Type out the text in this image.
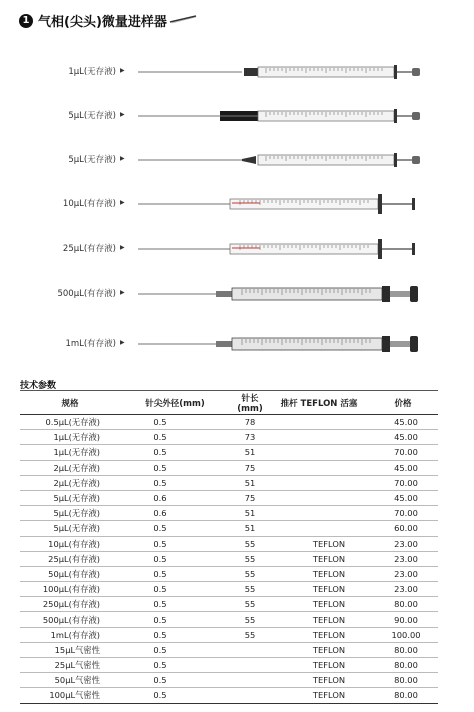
1 气相(尖头)微量进样器
1μL(无存液) ▶
5μL(无存液) ▶
5μL(无存液) ▶
10μL(有存液) ▶
25μL(有存液) ▶
500μL(有存液) ▶
1mL(有存液) ▶
技术参数
规格	针尖外径(mm)	针长(mm)	推杆 TEFLON 活塞	价格
0.5μL(无存液)	0.5	78		45.00
1μL(无存液)	0.5	73		45.00
1μL(无存液)	0.5	51		70.00
2μL(无存液)	0.5	75		45.00
2μL(无存液)	0.5	51		70.00
5μL(无存液)	0.6	75		45.00
5μL(无存液)	0.6	51		70.00
5μL(无存液)	0.5	51		60.00
10μL(有存液)	0.5	55	TEFLON	23.00
25μL(有存液)	0.5	55	TEFLON	23.00
50μL(有存液)	0.5	55	TEFLON	23.00
100μL(有存液)	0.5	55	TEFLON	23.00
250μL(有存液)	0.5	55	TEFLON	80.00
500μL(有存液)	0.5	55	TEFLON	90.00
1mL(有存液)	0.5	55	TEFLON	100.00
15μL气密性	0.5		TEFLON	80.00
25μL气密性	0.5		TEFLON	80.00
50μL气密性	0.5		TEFLON	80.00
100μL气密性	0.5		TEFLON	80.00
